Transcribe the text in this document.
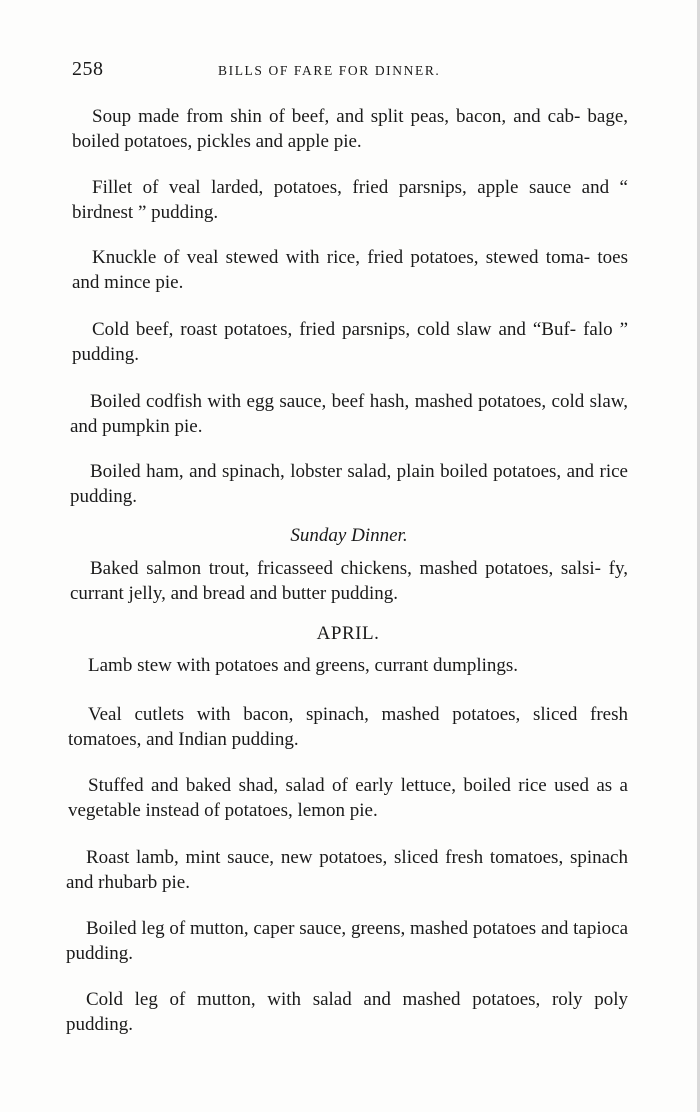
258	BILLS OF FARE FOR DINNER.

Soup made from shin of beef, and split peas, bacon, and cab- bage, boiled potatoes, pickles and apple pie.

Fillet of veal larded, potatoes, fried parsnips, apple sauce and “ birdnest ” pudding.

Knuckle of veal stewed with rice, fried potatoes, stewed toma- toes and mince pie.

Cold beef, roast potatoes, fried parsnips, cold slaw and “Buf- falo ” pudding.

Boiled codfish with egg sauce, beef hash, mashed potatoes, cold slaw, and pumpkin pie.

Boiled ham, and spinach, lobster salad, plain boiled potatoes, and rice pudding.

Sunday Dinner.

Baked salmon trout, fricasseed chickens, mashed potatoes, salsi- fy, currant jelly, and bread and butter pudding.

APRIL.

Lamb stew with potatoes and greens, currant dumplings.

Veal cutlets with bacon, spinach, mashed potatoes, sliced fresh tomatoes, and Indian pudding.

Stuffed and baked shad, salad of early lettuce, boiled rice used as a vegetable instead of potatoes, lemon pie.

Roast lamb, mint sauce, new potatoes, sliced fresh tomatoes, spinach and rhubarb pie.

Boiled leg of mutton, caper sauce, greens, mashed potatoes and tapioca pudding.

Cold leg of mutton, with salad and mashed potatoes, roly poly pudding.
